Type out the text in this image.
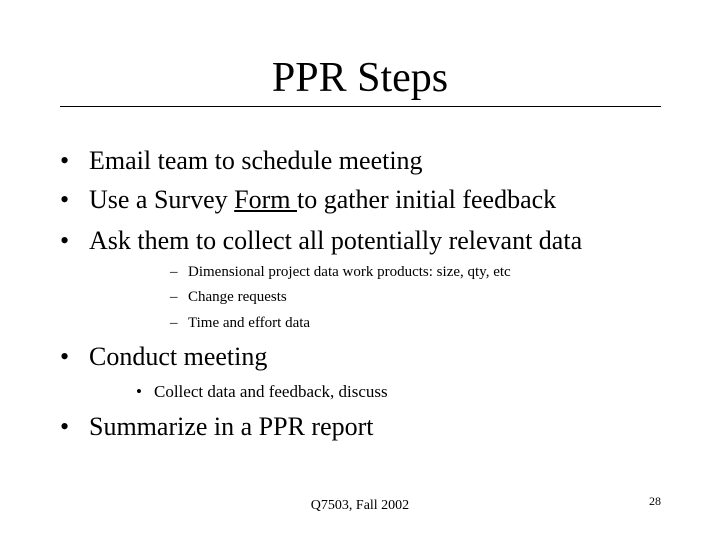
PPR Steps
• Email team to schedule meeting
• Use a Survey Form to gather initial feedback
• Ask them to collect all potentially relevant data
– Dimensional project data work products: size, qty, etc
– Change requests
– Time and effort data
• Conduct meeting
• Collect data and feedback, discuss
• Summarize in a PPR report
Q7503, Fall 2002	28
